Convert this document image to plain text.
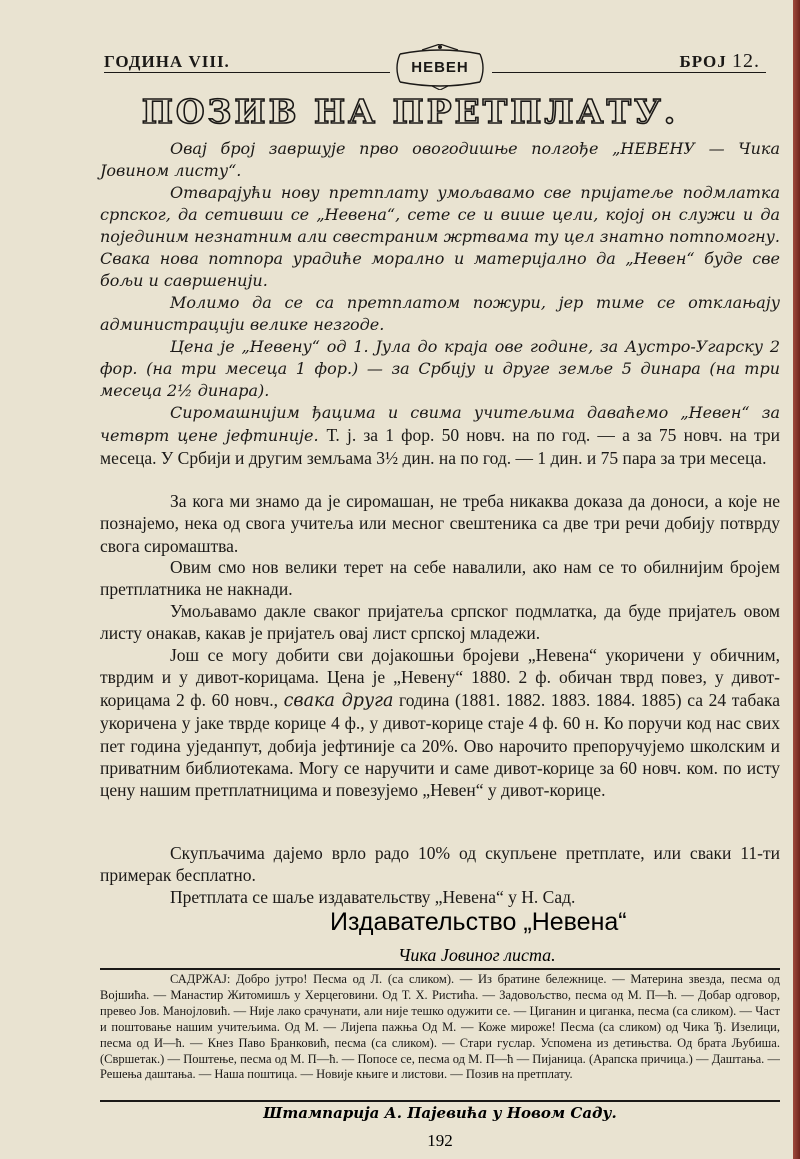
ГОДИНА VIII.	НЕВЕН	БРОЈ 12.
ПОЗИВ НА ПРЕТПЛАТУ.

Овај број завршује прво овогодишње полгође „НЕВЕНУ — Чика Јовином листу“.

Отварајући нову претплату умољавамо све пријатеље подмлатка српског, да сетивши се „Невена“, сете се и више цели, којој он служи и да појединим незнатним али свестраним жртвама ту цел знатно потпомогну. Свака нова потпора урадиће морално и материјално да „Невен“ буде све бољи и савршенији.

Молимо да се са претплатом пожури, јер тиме се отклањају администрацији велике незгоде.

Цена је „Невену“ од 1. Јула до краја ове године, за Аустро-Угарску 2 фор. (на три месеца 1 фор.) — за Србију и друге земље 5 динара (на три месеца 2½ динара).

Сиромашнијим ђацима и свима учитељима даваћемо „Невен“ за четврт цене јефтиније. Т. ј. за 1 фор. 50 новч. на по год. — а за 75 новч. на три месеца. У Србији и другим земљама 3½ дин. на по год. — 1 дин. и 75 пара за три месеца.

За кога ми знамо да је сиромашан, не треба никаква доказа да доноси, а које не познајемо, нека од свога учитеља или месног свештеника са две три речи добију потврду свога сиромаштва.

Овим смо нов велики терет на себе навалили, ако нам се то обилнијим бројем претплатника не накнади.

Умољавамо дакле сваког пријатеља српског подмлатка, да буде пријатељ овом листу онакав, какав је пријатељ овај лист српској младежи.

Још се могу добити сви дојакошњи бројеви „Невена“ укоричени у обичним, тврдим и у дивот-корицама. Цена је „Невену“ 1880. 2 ф. обичан тврд повез, у дивот-корицама 2 ф. 60 новч., свака друга година (1881. 1882. 1883. 1884. 1885) са 24 табака укоричена у јаке тврде корице 4 ф., у дивот-корице стаје 4 ф. 60 н. Ко поручи код нас свих пет година уједанпут, добија јефтиније са 20%. Ово нарочито препоручујемо школским и приватним библиотекама. Могу се наручити и саме дивот-корице за 60 новч. ком. по исту цену нашим претплатницима и повезујемо „Невен“ у дивот-корице.

Скупљачима дајемо врло радо 10% од скупљене претплате, или сваки 11-ти примерак бесплатно.

Претплата се шаље издавательству „Невена“ у Н. Сад.

Издавательство „Невена“
Чика Јовиног листа.

САДРЖАЈ: Добро јутро! Песма од Л. (са сликом). — Из братине бележнице. — Материна звезда, песма од Војшића. — Манастир Житомишљ у Херцеговини. Од Т. Х. Ристића. — Задовољство, песма од М. П—ћ. — Добар одговор, превео Јов. Манојловић. — Није лако срачунати, али није тешко одужити се. — Циганин и циганка, песма (са сликом). — Част и поштовање нашим учитељима. Од М. — Лијепа пажња Од М. — Коже мироже! Песма (са сликом) од Чика Ђ. Изелици, песма од И—ћ. — Кнез Паво Бранковић, песма (са сликом). — Стари гуслар. Успомена из детињства. Од брата Љубиша. (Свршетак.) — Поштење, песма од М. П—ћ. — Попосе се, песма од М. П—ћ — Пијаница. (Арапска причица.) — Даштања. — Решења даштања. — Наша поштица. — Новије књиге и листови. — Позив на претплату.

Штампарија А. Пајевића у Новом Саду.
192
